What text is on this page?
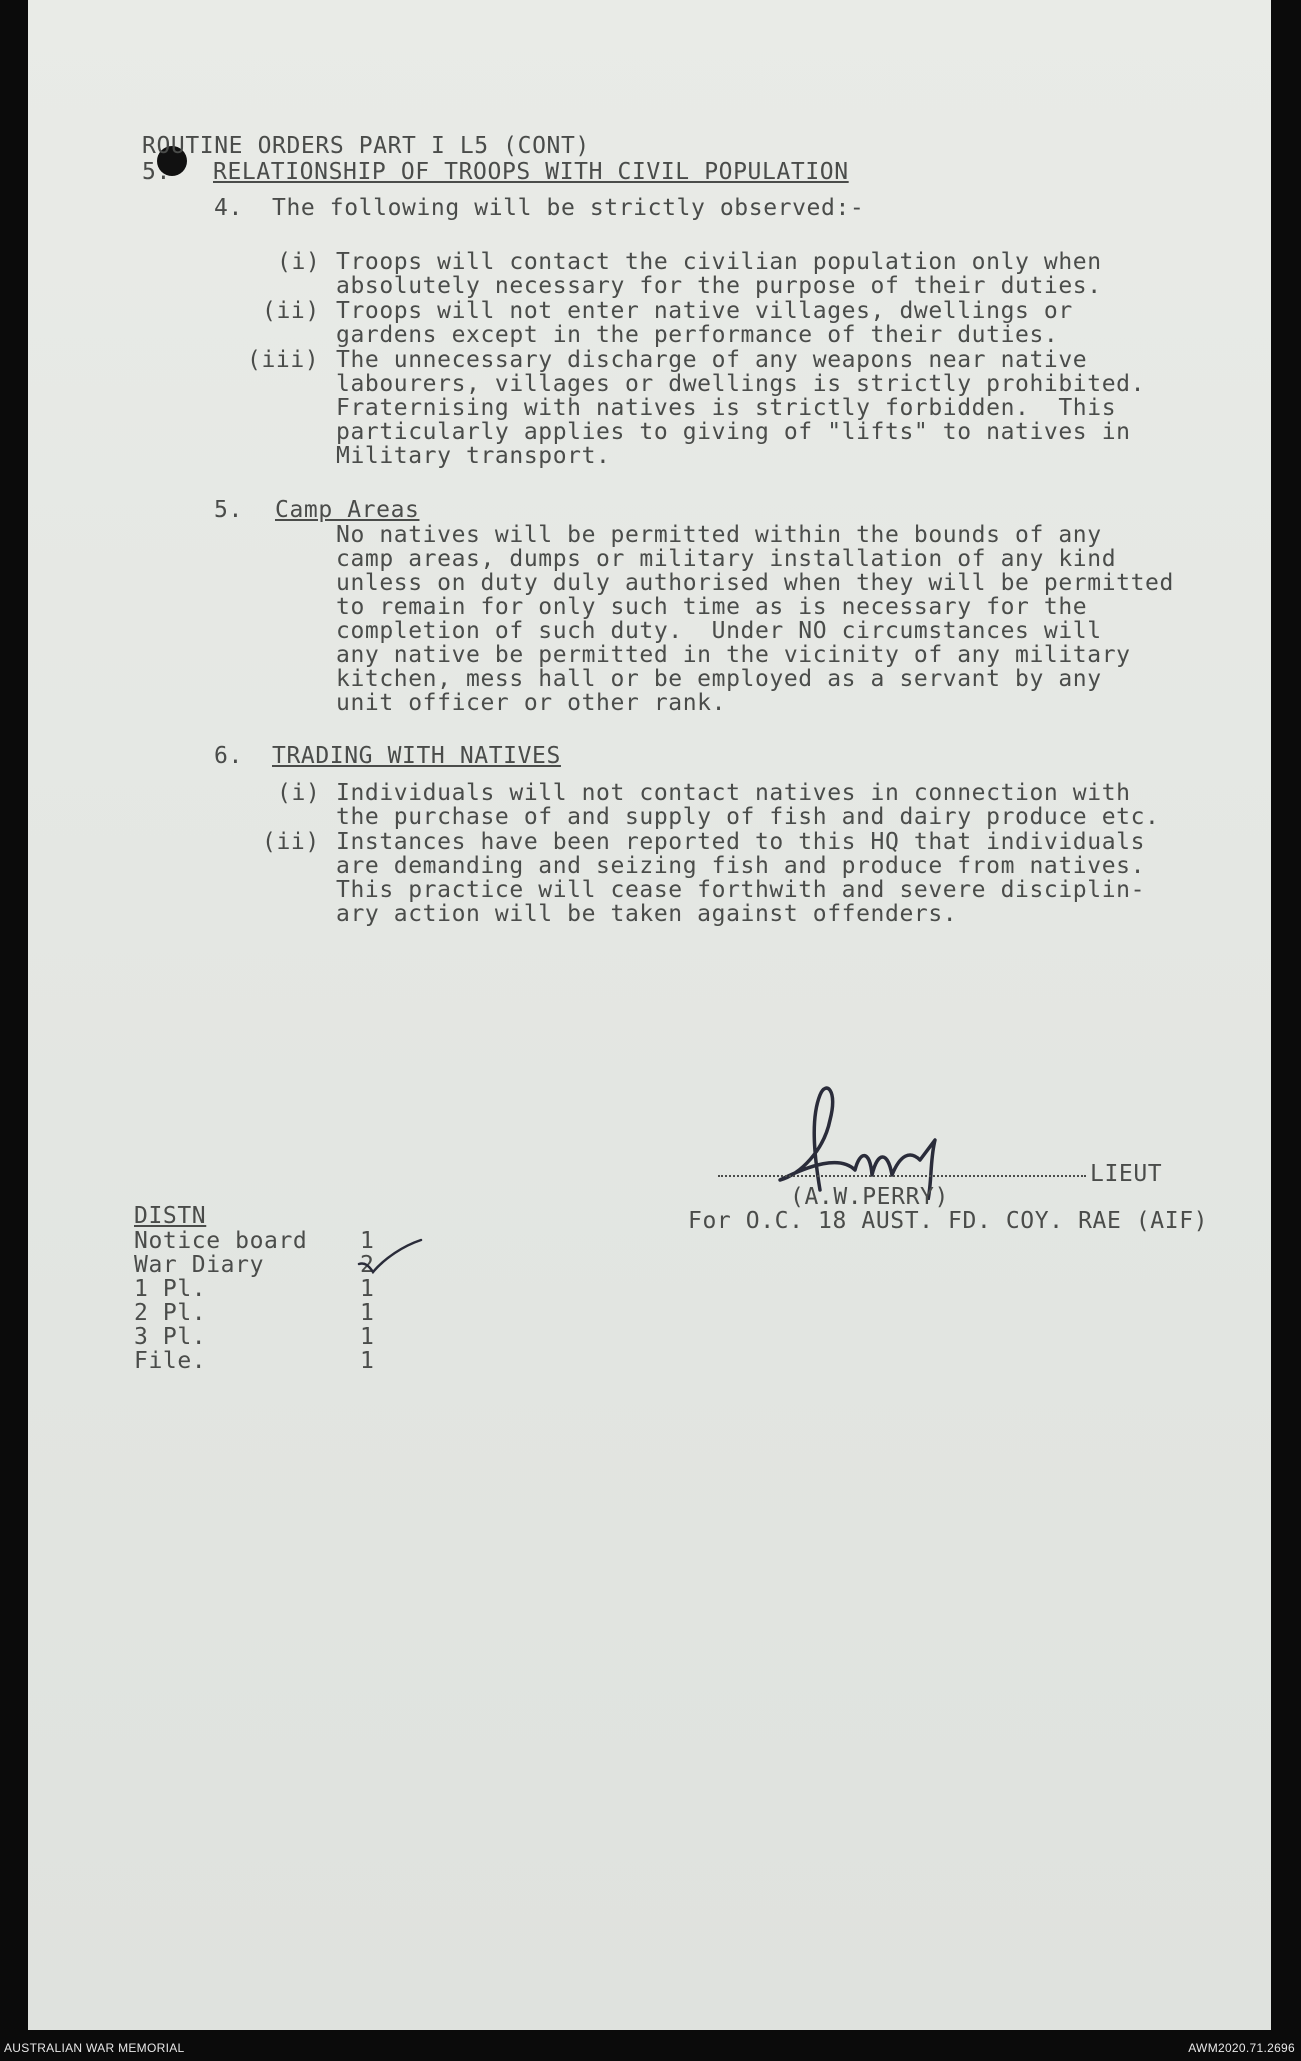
ROUTINE ORDERS PART I L5 (CONT)
5. RELATIONSHIP OF TROOPS WITH CIVIL POPULATION
4. The following will be strictly observed:-
(i) Troops will contact the civilian population only when
absolutely necessary for the purpose of their duties.
(ii) Troops will not enter native villages, dwellings or
gardens except in the performance of their duties.
(iii) The unnecessary discharge of any weapons near native
labourers, villages or dwellings is strictly prohibited.
Fraternising with natives is strictly forbidden.  This
particularly applies to giving of "lifts" to natives in
Military transport.
5. Camp Areas
No natives will be permitted within the bounds of any
camp areas, dumps or military installation of any kind
unless on duty duly authorised when they will be permitted
to remain for only such time as is necessary for the
completion of such duty.  Under NO circumstances will
any native be permitted in the vicinity of any military
kitchen, mess hall or be employed as a servant by any
unit officer or other rank.
6. TRADING WITH NATIVES
(i) Individuals will not contact natives in connection with
the purchase of and supply of fish and dairy produce etc.
(ii) Instances have been reported to this HQ that individuals
are demanding and seizing fish and produce from natives.
This practice will cease forthwith and severe disciplin-
ary action will be taken against offenders.
LIEUT
(A.W.PERRY)
For O.C. 18 AUST. FD. COY. RAE (AIF)
DISTN
Notice board 1
War Diary	2
1 Pl.	1
2 Pl.	1
3 Pl.	1
File.	1
AUSTRALIAN WAR MEMORIAL	AWM2020.71.2696
